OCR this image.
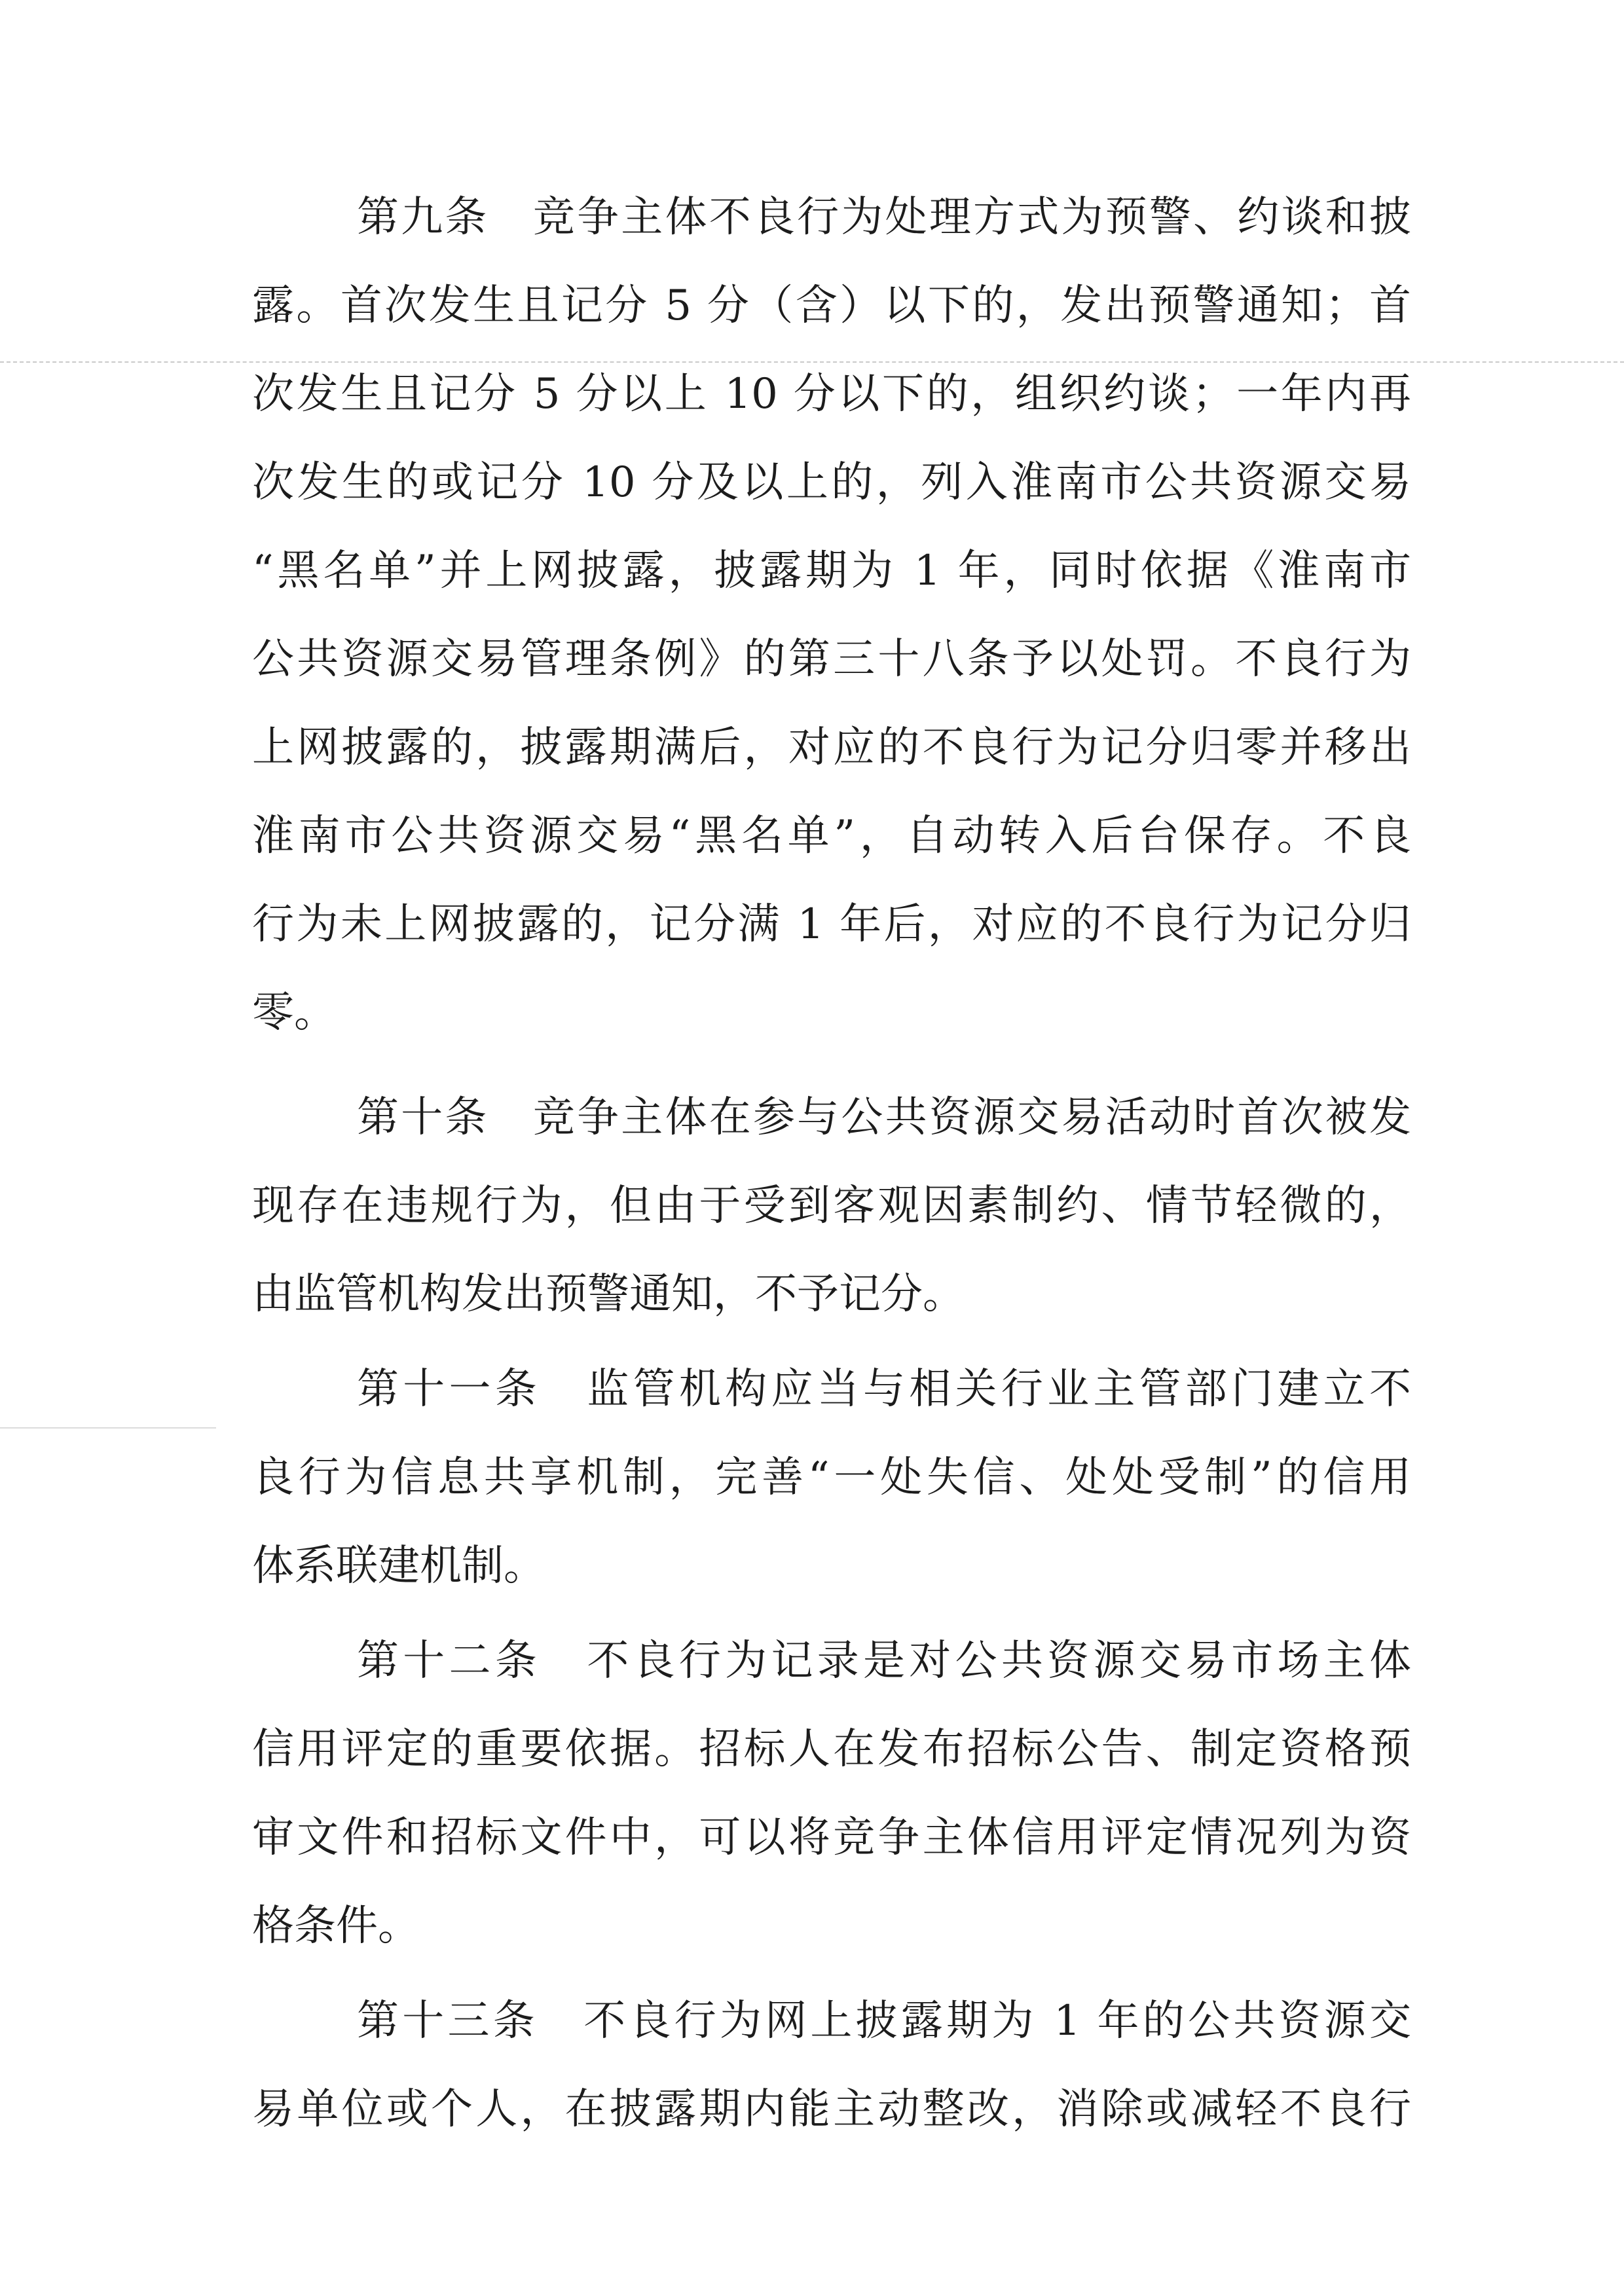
第九条　竞争主体不良行为处理方式为预警、约谈和披
露。首次发生且记分 5 分（含）以下的，发出预警通知；首
次发生且记分 5 分以上 10 分以下的，组织约谈；一年内再
次发生的或记分 10 分及以上的，列入淮南市公共资源交易
“黑名单”并上网披露，披露期为 1 年，同时依据《淮南市
公共资源交易管理条例》的第三十八条予以处罚。不良行为
上网披露的，披露期满后，对应的不良行为记分归零并移出
淮南市公共资源交易“黑名单”，自动转入后台保存。不良
行为未上网披露的，记分满 1 年后，对应的不良行为记分归
零。
第十条　竞争主体在参与公共资源交易活动时首次被发
现存在违规行为，但由于受到客观因素制约、情节轻微的，
由监管机构发出预警通知，不予记分。
第十一条　监管机构应当与相关行业主管部门建立不
良行为信息共享机制，完善“一处失信、处处受制”的信用
体系联建机制。
第十二条　不良行为记录是对公共资源交易市场主体
信用评定的重要依据。招标人在发布招标公告、制定资格预
审文件和招标文件中，可以将竞争主体信用评定情况列为资
格条件。
第十三条　不良行为网上披露期为 1 年的公共资源交
易单位或个人，在披露期内能主动整改，消除或减轻不良行
